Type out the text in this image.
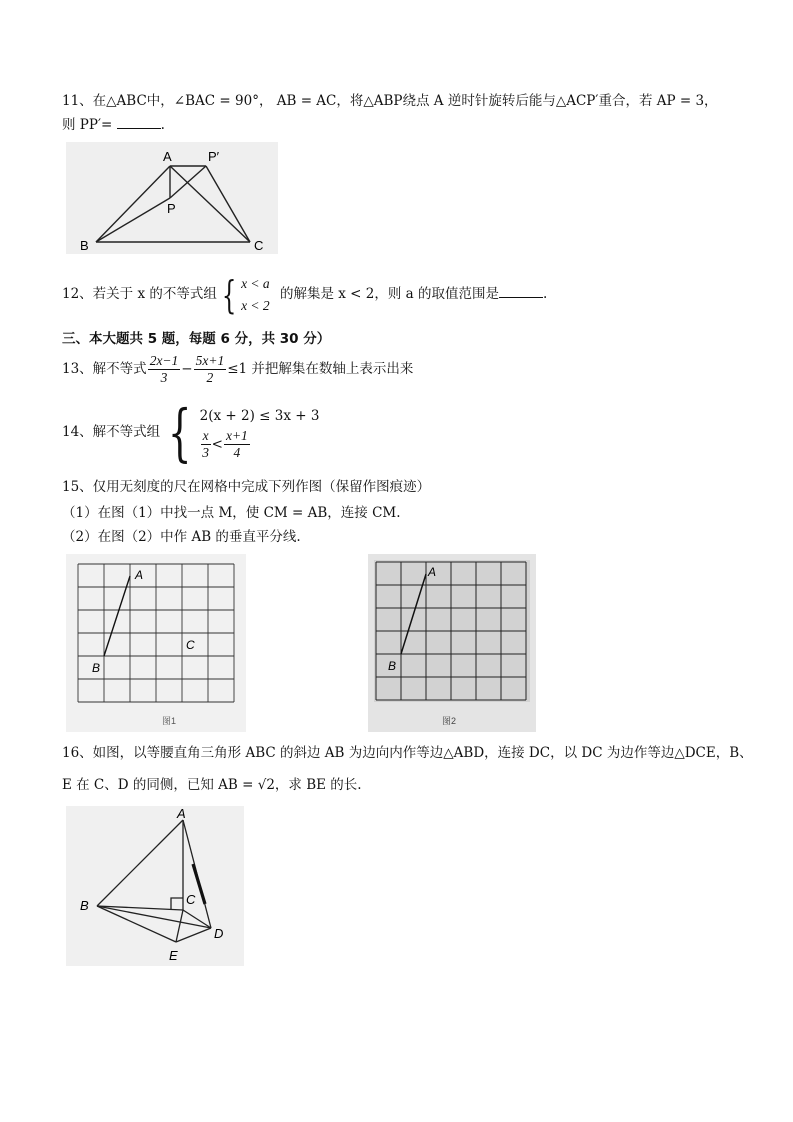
11、在△ABC中，∠BAC = 90°， AB = AC，将△ABP绕点 A 逆时针旋转后能与△ACP′重合，若 AP = 3，
则 PP′=	.
A	P′
P
B	C
12、若关于 x 的不等式组 { x < a
x < 2
的解集是 x < 2，则 a 的取值范围是	.
三、本大题共 5 题，每题 6 分，共 30 分）
13、解不等式 $\frac{2x-1}{3} - \frac{5x+1}{2} \le 1$ 并把解集在数轴上表示出来
14、解不等式组 { 2(x + 2) ≤ 3x + 3
$\frac{x}{3} < \frac{x+1}{4}$
15、仅用无刻度的尺在网格中完成下列作图（保留作图痕迹）
（1）在图（1）中找一点 M，使 CM = AB，连接 CM.
（2）在图（2）中作 AB 的垂直平分线.
A
B
C
图1
A
B
图2
16、如图，以等腰直角三角形 ABC 的斜边 AB 为边向内作等边△ABD，连接 DC，以 DC 为边作等边△DCE，B、
E 在 C、D 的同侧，已知 AB = √2，求 BE 的长.
A
B	C
D
E
